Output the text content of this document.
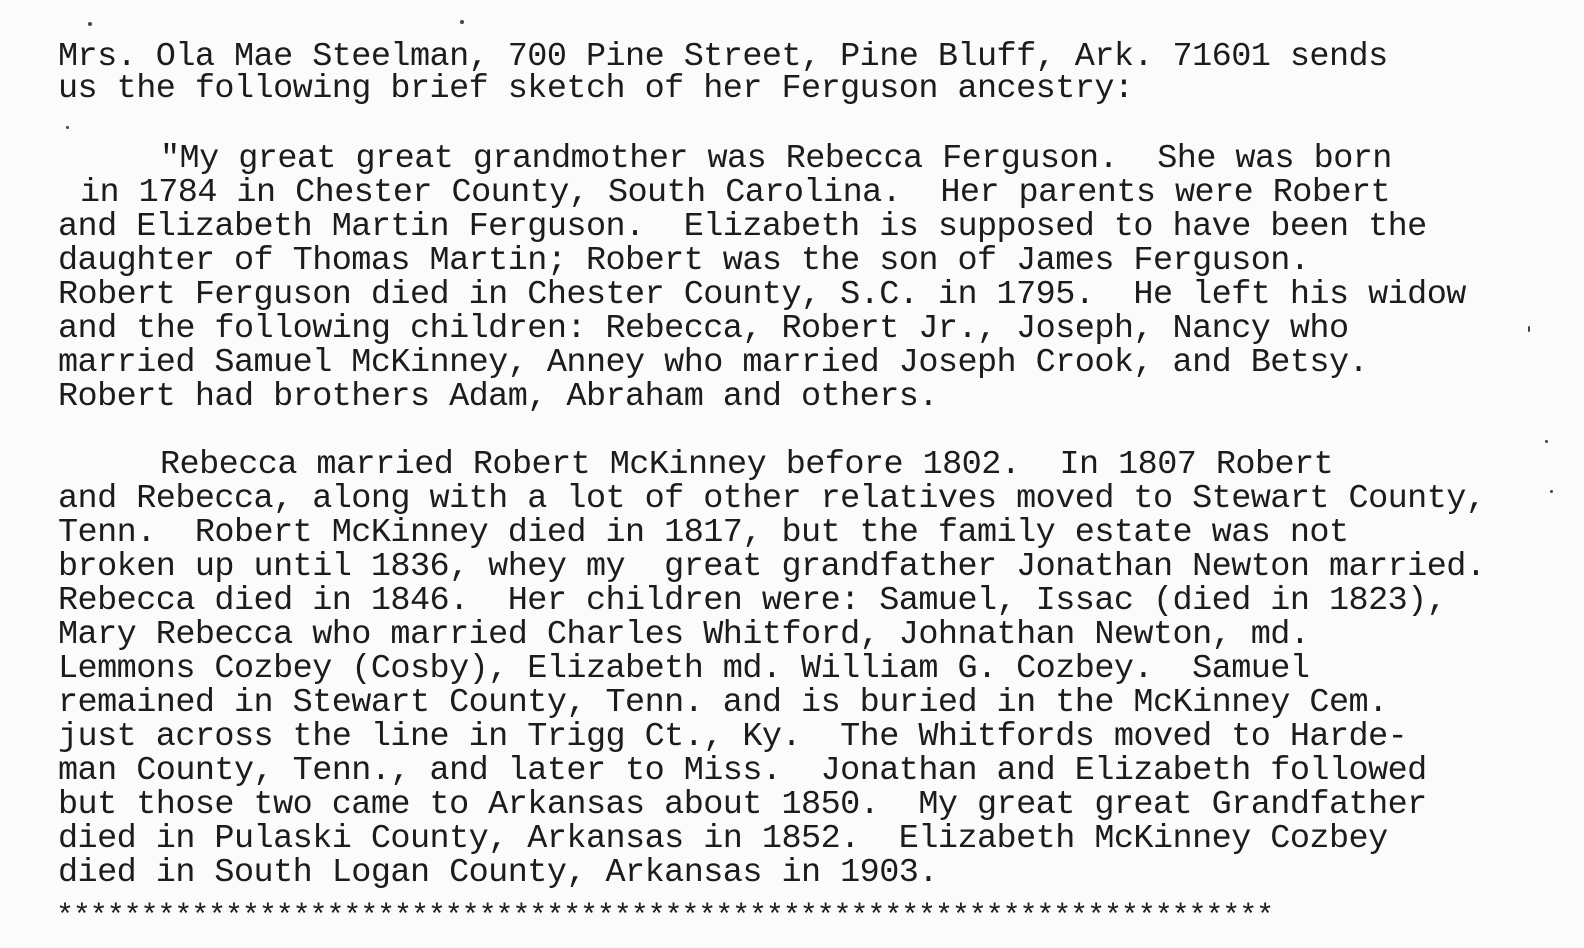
Mrs. Ola Mae Steelman, 700 Pine Street, Pine Bluff, Ark. 71601 sends
us the following brief sketch of her Ferguson ancestry:
"My great great grandmother was Rebecca Ferguson.  She was born
in 1784 in Chester County, South Carolina.  Her parents were Robert
and Elizabeth Martin Ferguson.  Elizabeth is supposed to have been the
daughter of Thomas Martin; Robert was the son of James Ferguson.
Robert Ferguson died in Chester County, S.C. in 1795.  He left his widow
and the following children: Rebecca, Robert Jr., Joseph, Nancy who
married Samuel McKinney, Anney who married Joseph Crook, and Betsy.
Robert had brothers Adam, Abraham and others.
Rebecca married Robert McKinney before 1802.  In 1807 Robert
and Rebecca, along with a lot of other relatives moved to Stewart County,
Tenn.  Robert McKinney died in 1817, but the family estate was not
broken up until 1836, whey my  great grandfather Jonathan Newton married.
Rebecca died in 1846.  Her children were: Samuel, Issac (died in 1823),
Mary Rebecca who married Charles Whitford, Johnathan Newton, md.
Lemmons Cozbey (Cosby), Elizabeth md. William G. Cozbey.  Samuel
remained in Stewart County, Tenn. and is buried in the McKinney Cem.
just across the line in Trigg Ct., Ky.  The Whitfords moved to Harde-
man County, Tenn., and later to Miss.  Jonathan and Elizabeth followed
but those two came to Arkansas about 1850.  My great great Grandfather
died in Pulaski County, Arkansas in 1852.  Elizabeth McKinney Cozbey
died in South Logan County, Arkansas in 1903.
************************************************************************
